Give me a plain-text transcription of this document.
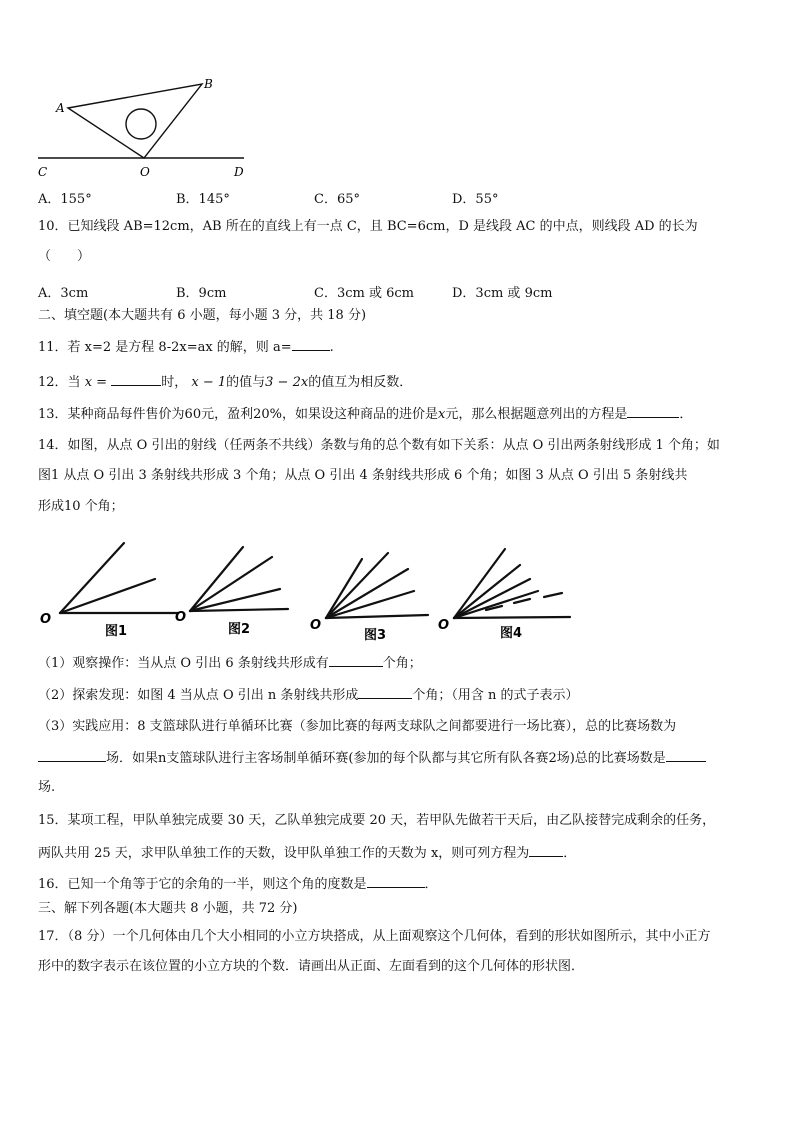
A
B
C	O	D
A．155°	B．145°	C．65°	D．55°
10．已知线段 AB=12cm，AB 所在的直线上有一点 C，且 BC=6cm，D 是线段 AC 的中点，则线段 AD 的长为
（　　）
A．3cm	B．9cm	C．3cm 或 6cm	D．3cm 或 9cm
二、填空题(本大题共有 6 小题，每小题 3 分，共 18 分)
11．若 x=2 是方程 8-2x=ax 的解，则 a=	.
12．当 x =	时， x − 1的值与3 − 2x的值互为相反数．
13．某种商品每件售价为60元，盈利20%，如果设这种商品的进价是x元，那么根据题意列出的方程是	．
14．如图，从点 O 引出的射线（任两条不共线）条数与角的总个数有如下关系：从点 O 引出两条射线形成 1 个角；如
图1 从点 O 引出 3 条射线共形成 3 个角；从点 O 引出 4 条射线共形成 6 个角；如图 3 从点 O 引出 5 条射线共
形成10 个角；
O
图1
O
图2	O
图3
O
图4
（1）观察操作：当从点 O 引出 6 条射线共形成有	个角；
（2）探索发现：如图 4 当从点 O 引出 n 条射线共形成	个角；（用含 n 的式子表示）
（3）实践应用：8 支篮球队进行单循环比赛（参加比赛的每两支球队之间都要进行一场比赛），总的比赛场数为
场．如果n支篮球队进行主客场制单循环赛(参加的每个队都与其它所有队各赛2场)总的比赛场数是
场.
15．某项工程，甲队单独完成要 30 天，乙队单独完成要 20 天，若甲队先做若干天后，由乙队接替完成剩余的任务，
两队共用 25 天，求甲队单独工作的天数，设甲队单独工作的天数为 x，则可列方程为	．
16．已知一个角等于它的余角的一半，则这个角的度数是	．
三、解下列各题(本大题共 8 小题，共 72 分)
17．（8 分）一个几何体由几个大小相同的小立方块搭成，从上面观察这个几何体，看到的形状如图所示，其中小正方
形中的数字表示在该位置的小立方块的个数．请画出从正面、左面看到的这个几何体的形状图．
